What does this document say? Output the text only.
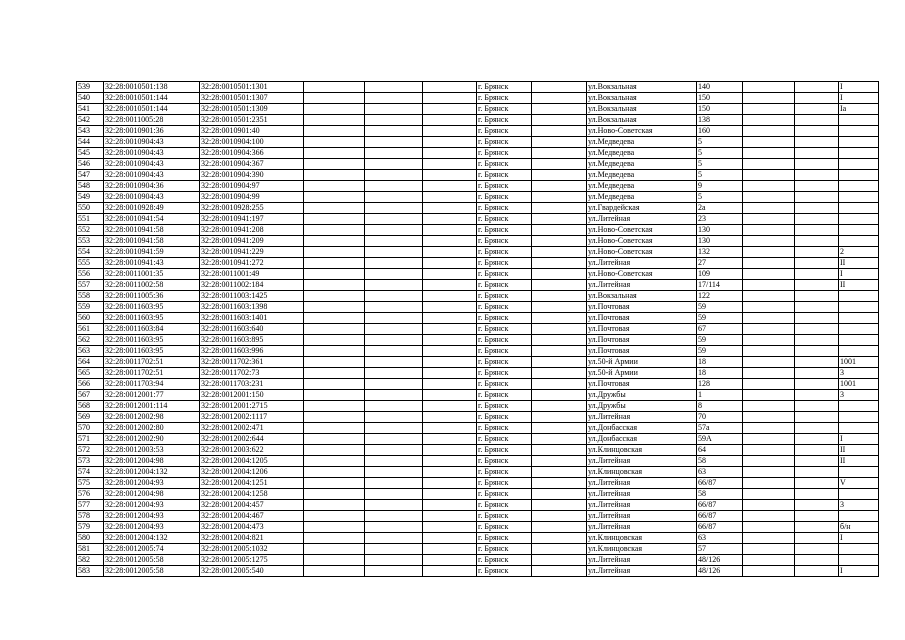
539	32:28:0010501:138	32:28:0010501:1301				г. Брянск		ул.Вокзальная	140			I
540	32:28:0010501:144	32:28:0010501:1307				г. Брянск		ул.Вокзальная	150			I
541	32:28:0010501:144	32:28:0010501:1309				г. Брянск		ул.Вокзальная	150			Iа
542	32:28:0011005:28	32:28:0010501:2351				г. Брянск		ул.Вокзальная	138			
543	32:28:0010901:36	32:28:0010901:40				г. Брянск		ул.Ново-Советская	160			
544	32:28:0010904:43	32:28:0010904:100				г. Брянск		ул.Медведева	5			
545	32:28:0010904:43	32:28:0010904:366				г. Брянск		ул.Медведева	5			
546	32:28:0010904:43	32:28:0010904:367				г. Брянск		ул.Медведева	5			
547	32:28:0010904:43	32:28:0010904:390				г. Брянск		ул.Медведева	5			
548	32:28:0010904:36	32:28:0010904:97				г. Брянск		ул.Медведева	9			
549	32:28:0010904:43	32:28:0010904:99				г. Брянск		ул.Медведева	5			
550	32:28:0010928:49	32:28:0010928:255				г. Брянск		ул.Гвардейская	2а			
551	32:28:0010941:54	32:28:0010941:197				г. Брянск		ул.Литейная	23			
552	32:28:0010941:58	32:28:0010941:208				г. Брянск		ул.Ново-Советская	130			
553	32:28:0010941:58	32:28:0010941:209				г. Брянск		ул.Ново-Советская	130			
554	32:28:0010941:59	32:28:0010941:229				г. Брянск		ул.Ново-Советская	132			2
555	32:28:0010941:43	32:28:0010941:272				г. Брянск		ул.Литейная	27			II
556	32:28:0011001:35	32:28:0011001:49				г. Брянск		ул.Ново-Советская	109			I
557	32:28:0011002:58	32:28:0011002:184				г. Брянск		ул.Литейная	17/114			II
558	32:28:0011005:36	32:28:0011003:1425				г. Брянск		ул.Вокзальная	122			
559	32:28:0011603:95	32:28:0011603:1398				г. Брянск		ул.Почтовая	59			
560	32:28:0011603:95	32:28:0011603:1401				г. Брянск		ул.Почтовая	59			
561	32:28:0011603:84	32:28:0011603:640				г. Брянск		ул.Почтовая	67			
562	32:28:0011603:95	32:28:0011603:895				г. Брянск		ул.Почтовая	59			
563	32:28:0011603:95	32:28:0011603:996				г. Брянск		ул.Почтовая	59			
564	32:28:0011702:51	32:28:0011702:361				г. Брянск		ул.50-й Армии	18			1001
565	32:28:0011702:51	32:28:0011702:73				г. Брянск		ул.50-й Армии	18			3
566	32:28:0011703:94	32:28:0011703:231				г. Брянск		ул.Почтовая	128			1001
567	32:28:0012001:77	32:28:0012001:150				г. Брянск		ул.Дружбы	1			3
568	32:28:0012001:114	32:28:0012001:2715				г. Брянск		ул.Дружбы	8			
569	32:28:0012002:98	32:28:0012002:1117				г. Брянск		ул.Литейная	70			
570	32:28:0012002:80	32:28:0012002:471				г. Брянск		ул.Донбасская	57а			
571	32:28:0012002:90	32:28:0012002:644				г. Брянск		ул.Донбасская	59А			I
572	32:28:0012003:53	32:28:0012003:622				г. Брянск		ул.Клинцовская	64			II
573	32:28:0012004:98	32:28:0012004:1205				г. Брянск		ул.Литейная	58			II
574	32:28:0012004:132	32:28:0012004:1206				г. Брянск		ул.Клинцовская	63			
575	32:28:0012004:93	32:28:0012004:1251				г. Брянск		ул.Литейная	66/87			V
576	32:28:0012004:98	32:28:0012004:1258				г. Брянск		ул.Литейная	58			
577	32:28:0012004:93	32:28:0012004:457				г. Брянск		ул.Литейная	66/87			3
578	32:28:0012004:93	32:28:0012004:467				г. Брянск		ул.Литейная	66/87			
579	32:28:0012004:93	32:28:0012004:473				г. Брянск		ул.Литейная	66/87			б/н
580	32:28:0012004:132	32:28:0012004:821				г. Брянск		ул.Клинцовская	63			I
581	32:28:0012005:74	32:28:0012005:1032				г. Брянск		ул.Клинцовская	57			
582	32:28:0012005:58	32:28:0012005:1275				г. Брянск		ул.Литейная	48/126			
583	32:28:0012005:58	32:28:0012005:540				г. Брянск		ул.Литейная	48/126			I
